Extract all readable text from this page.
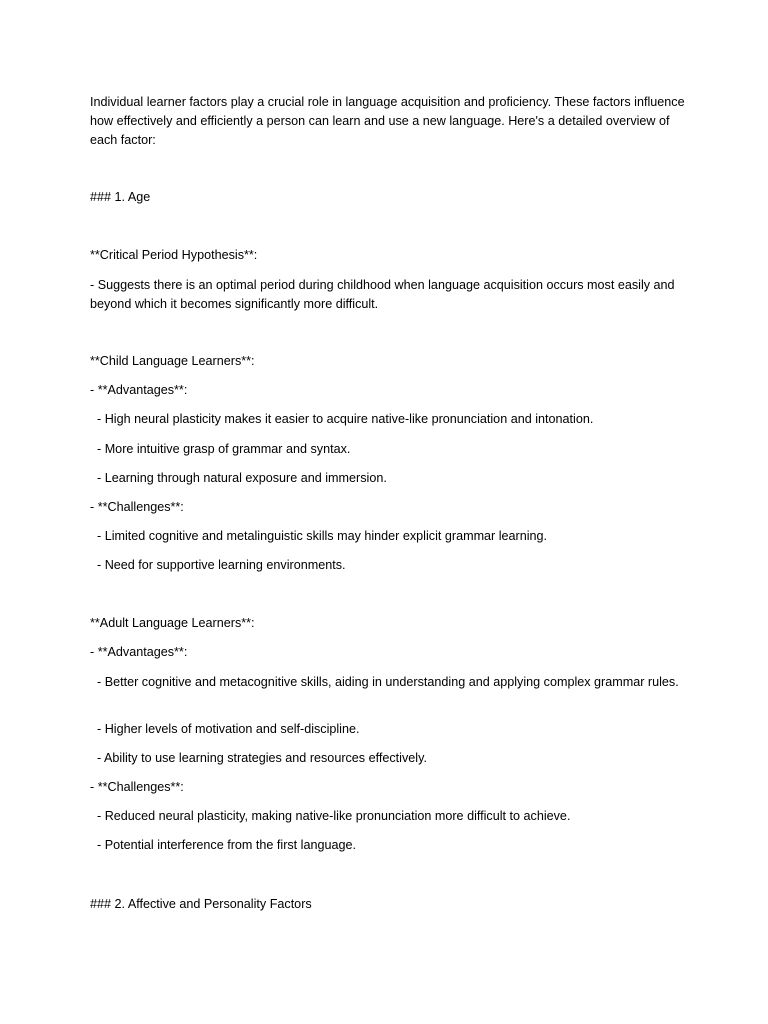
Individual learner factors play a crucial role in language acquisition and proficiency. These factors influence how effectively and efficiently a person can learn and use a new language. Here's a detailed overview of each factor:

### 1. Age

**Critical Period Hypothesis**:

- Suggests there is an optimal period during childhood when language acquisition occurs most easily and beyond which it becomes significantly more difficult.

**Child Language Learners**:

- **Advantages**:

- High neural plasticity makes it easier to acquire native-like pronunciation and intonation.

- More intuitive grasp of grammar and syntax.

- Learning through natural exposure and immersion.

- **Challenges**:

- Limited cognitive and metalinguistic skills may hinder explicit grammar learning.

- Need for supportive learning environments.

**Adult Language Learners**:

- **Advantages**:

- Better cognitive and metacognitive skills, aiding in understanding and applying complex grammar rules.

- Higher levels of motivation and self-discipline.

- Ability to use learning strategies and resources effectively.

- **Challenges**:

- Reduced neural plasticity, making native-like pronunciation more difficult to achieve.

- Potential interference from the first language.

### 2. Affective and Personality Factors
